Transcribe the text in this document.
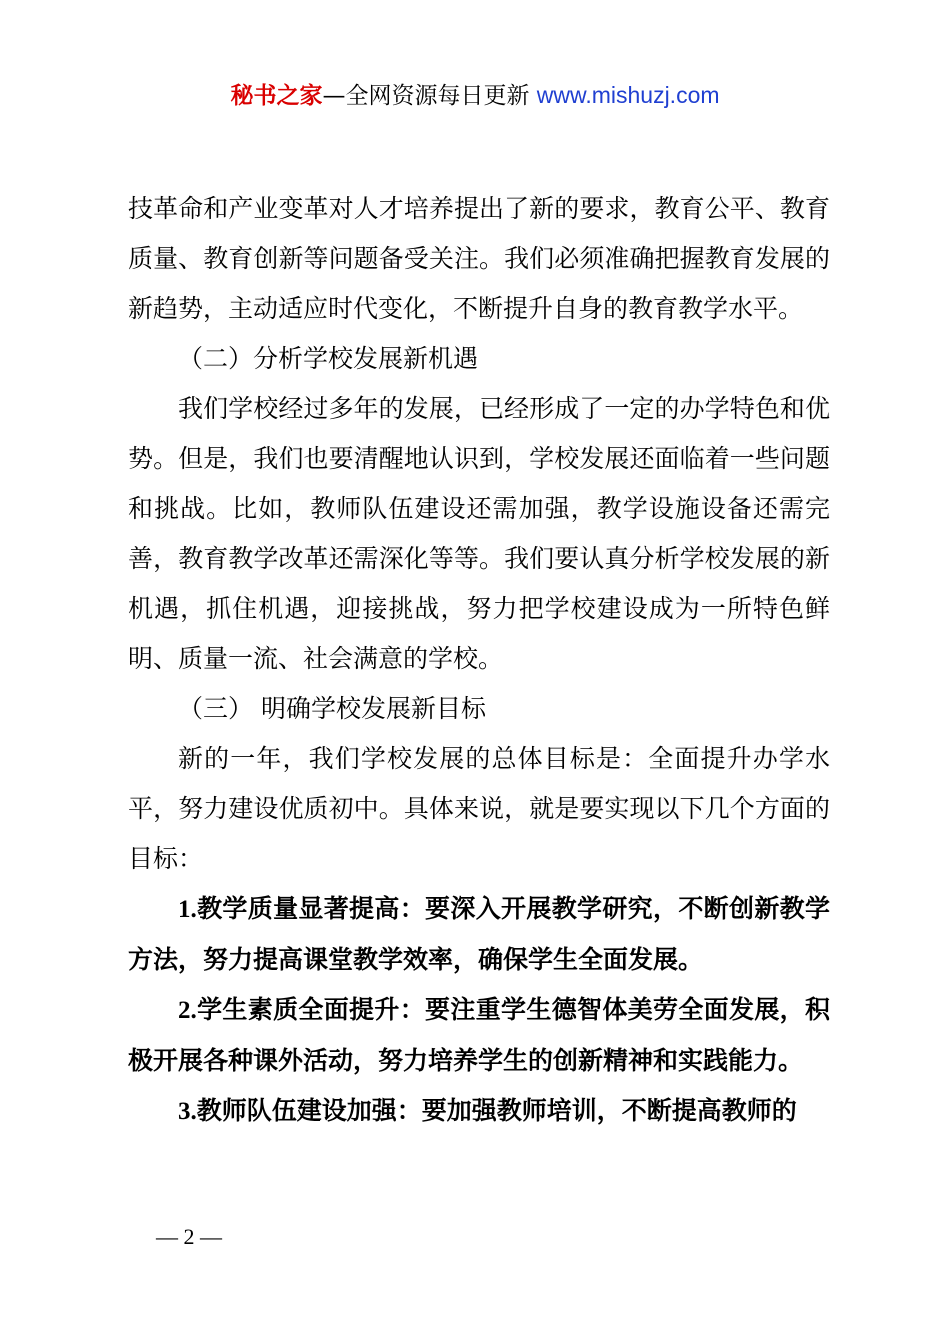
秘书之家—全网资源每日更新 www.mishuzj.com

技革命和产业变革对人才培养提出了新的要求，教育公平、教育质量、教育创新等问题备受关注。我们必须准确把握教育发展的新趋势，主动适应时代变化，不断提升自身的教育教学水平。

（二）分析学校发展新机遇

我们学校经过多年的发展，已经形成了一定的办学特色和优势。但是，我们也要清醒地认识到，学校发展还面临着一些问题和挑战。比如，教师队伍建设还需加强，教学设施设备还需完善，教育教学改革还需深化等等。我们要认真分析学校发展的新机遇，抓住机遇，迎接挑战，努力把学校建设成为一所特色鲜明、质量一流、社会满意的学校。

（三） 明确学校发展新目标

新的一年，我们学校发展的总体目标是：全面提升办学水平，努力建设优质初中。具体来说，就是要实现以下几个方面的目标：

1.教学质量显著提高：要深入开展教学研究，不断创新教学方法，努力提高课堂教学效率，确保学生全面发展。

2.学生素质全面提升：要注重学生德智体美劳全面发展，积极开展各种课外活动，努力培养学生的创新精神和实践能力。

3.教师队伍建设加强：要加强教师培训，不断提高教师的

— 2 —
